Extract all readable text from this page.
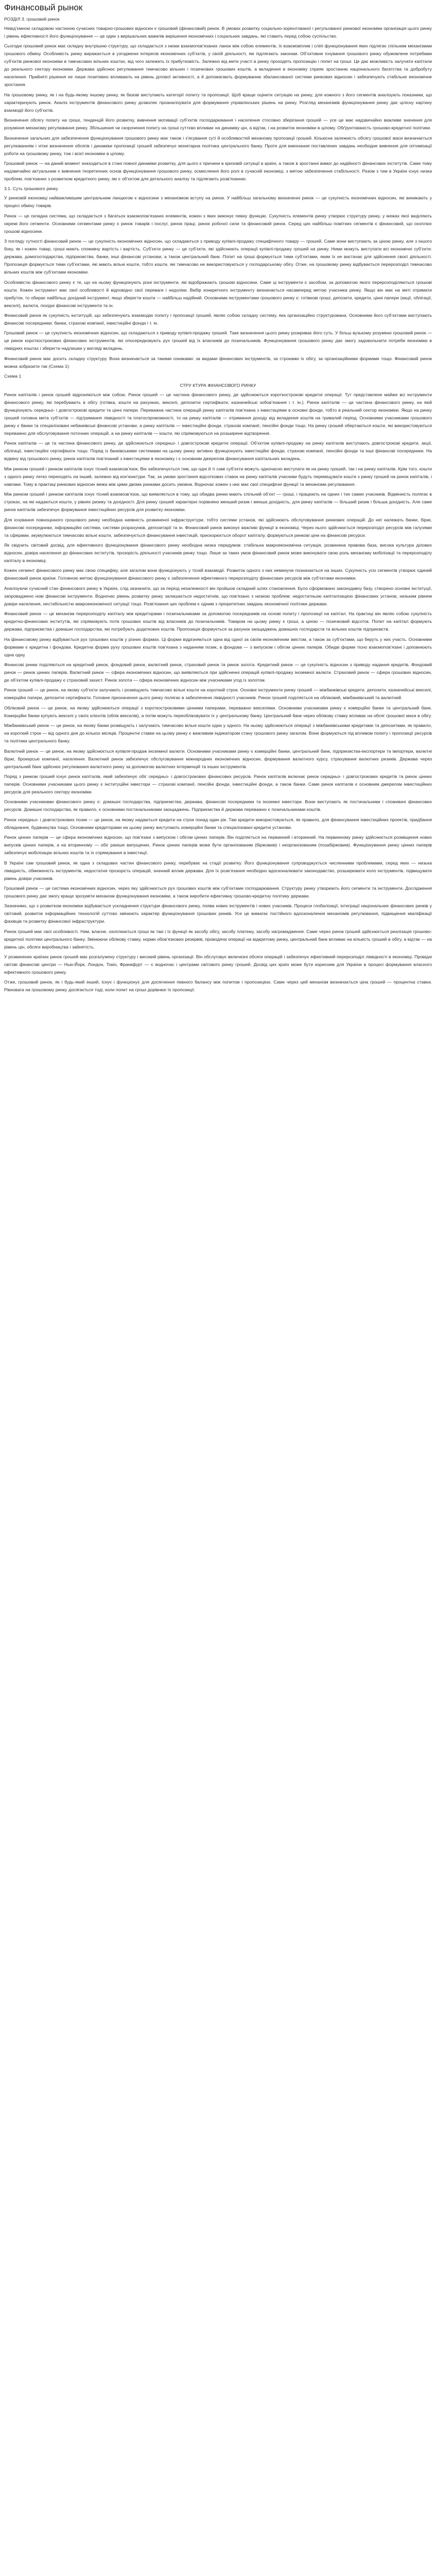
Финансовый рынок

РОЗДІЛ 3. грошовий ринок

Невід’ємною складовою частиною сучасних товарно-грошових відносин є грошовий (фінансовий) ринок. В умовах розвитку соціально-зорієнтованої і регульованої ринкової економіки організація цього ринку і рівень ефективності його функціонування — це один з вирішальних важелів вирішення економічних і соціальних завдань, які ставить перед собою суспільство.

Сьогодні грошовий ринок має складну внутрішню структуру, що складається з низки взаємопов’язаних ланок між собою елементів, їх взаємовплив і сліпі функціонування яких підлягає спільним механізмам грошового обміну. Особливість ринку виражається в узгодженні інтересів економічних суб’єктів, у своїй діяльності, які підлягають законам. Об’єктивне існування грошового ринку обумовлене потребами суб’єктів ринкової економіки в тимчасових вільних коштах, від чого залежить їх прибутковість. Залежно від мети участі в ринку проходять пропозицію і попит на гроші. Це дає можливість залучати капітали до реального сектору економіки. Держава здійснює регулювання тимчасово вільних і позичкових грошових коштів, а вкладення в економіку сприяє зростанню національного багатства та добробуту населення. Прийняті рішення не лише позитивно впливають на рівень ділової активності, а й допомагають формуванню збалансованої системи ринкових відносин і забезпечують стабільне економічне зростання.

На грошовому ринку, як і на будь-якому іншому ринку, як базові виступають категорії попиту та пропозиції. Щоб краще оцінити ситуацію на ринку, для кожного з його сегментів аналізують показники, що характеризують ринок. Аналіз інструментів фінансового ринку дозволяє проаналізувати для формування управлінських рішень на ринку. Розгляд механізмів функціонування ринку дає цілісну картину взаємодії його суб’єктів.

Визначення обсягу попиту на гроші, тенденцій його розвитку, вивчення мотивації суб’єктів господарювання і населення стосовно зберігання грошей — усе це має надзвичайно важливе значення для розуміння механізму регулювання ринку. Збільшення чи скорочення попиту на гроші суттєво впливає на динаміку цін, а відтак, і на розвиток економіки в цілому. Обґрунтованість грошово-кредитної політики.

Визначення загальних для забезпечення функціонування грошового ринку має також і з’ясування суті й особливостей механізму пропозиції грошей. Кількісна залежність обсягу грошової маси визначається регулюванням і чітке визначення обсягів і динаміки пропозиції грошей забезпечує монетарна політика центрального банку. Проте для виконання поставлених завдань необхідне вивчення для оптимізації роботи на грошовому ринку, тож і всієї економіки в цілому.

Грошовий ринок — на даний момент знаходиться в стані повної динаміки розвитку, для цього є причини в кризовій ситуації в країні, а також в зростанні вимог до надійності фінансових інститутів. Саме тому надзвичайно актуальним є вивчення теоретичних основ функціонування грошового ринку, осмислення його ролі в сучасній економіці, з метою забезпечення стабільності. Разом з тим в Україні існує низка проблем, пов’язаних з розвитком кредитного ринку, які є об’єктом для детального аналізу та підлягають розв’язанню.

3.1. Суть грошового ринку

У ринковій економіці найважливішим центральним ланцюгом є відносини з механізмом вступу на ринок. У найбільш загальному визначенні ринок — це сукупність економічних відносин, які виникають у процесі обміну товарів.

Ринок — це складна система, що складається з багатьох взаємопов’язаних елементів, кожен з яких виконує певну функцію. Сукупність елементів ринку утворює структуру ринку, у межах якої виділяють окремі його сегменти. Основними сегментами ринку є ринок товарів і послуг, ринок праці, ринок робочої сили та фінансовий ринок. Серед цих найбільш помітних сегментів є фінансовий, що охоплює грошові відносини.

З погляду сутності фінансовий ринок — це сукупність економічних відносин, що складаються з приводу купівлі-продажу специфічного товару — грошей. Саме вони виступають за ціною ринку, але з іншого боку, як і кожен товар, гроші мають споживчу вартість і вартість. Суб’єкти ринку — це суб’єкти, які здійснюють операції купівлі-продажу грошей на ринку. Ними можуть виступати всі економічні суб’єкти: держава, домогосподарства, підприємства, банки, інші фінансові установи, а також центральний банк. Попит на гроші формується тими суб’єктами, яким їх не вистачає для здійснення своєї діяльності. Пропозиція формується тими суб’єктами, які мають вільні кошти, тобто кошти, які тимчасово не використовуються у господарському обігу. Отже, на грошовому ринку відбувається перерозподіл тимчасово вільних коштів між суб’єктами економіки.

Особливістю фінансового ринку є те, що на ньому функціонують різні інструменти, які відображають грошові відносини. Саме ці інструменти є засобом, за допомогою якого перерозподіляються грошові кошти. Кожен інструмент має свої особливості й відповідно свої переваги і недоліки. Вибір конкретного інструменту визначається насамперед метою учасника ринку. Якщо він має на меті отримати прибуток, то обирає найбільш дохідний інструмент, якщо зберегти кошти — найбільш надійний. Основними інструментами грошового ринку є: готівкові гроші, депозити, кредити, цінні папери (акції, облігації, векселі), валюта, похідні фінансові інструменти та ін.

Фінансовий ринок як сукупність інституцій, що забезпечують взаємодію попиту і пропозиції грошей, являє собою складну систему, яка організаційно структурована. Основними його суб’єктами виступають фінансові посередники: банки, страхові компанії, інвестиційні фонди і т. ін.

Грошовий ринок — це сукупність економічних відносин, що складаються з приводу купівлі-продажу грошей. Таке визначення цього ринку розкриває його суть. У більш вузькому розумінні грошовий ринок — це ринок короткострокових фінансових інструментів, які опосередковують рух грошей від їх власників до позичальників. Функціонування грошового ринку дає змогу задовольнити потреби економіки в ліквідних коштах і зберегти надлишки у вигляді вкладень.

Фінансовий ринок має досить складну структуру. Вона визначається за такими ознаками: за видами фінансових інструментів, за строками їх обігу, за організаційними формами тощо. Фінансовий ринок можна зобразити так (Схема 1):

Схема 1

СТРУ КТУРА ФІНАНСОВОГО РИНКУ

Ринок капіталів і ринок грошей відрізняються між собою. Ринок грошей — це частина фінансового ринку, де здійснюються короткострокові кредитні операції. Тут представлене майже всі інструменти фінансового ринку, які перебувають в обігу (готівка, кошти на рахунках, векселі, депозитні сертифікати, казначейські зобов’язання і т. ін.). Ринок капіталів — це частина фінансового ринку, на якій функціонують середньо- і довгострокові кредити та цінні папери. Переважна частина операцій ринку капіталів пов’язана з інвестиціями в основні фонди, тобто в реальний сектор економіки. Якщо на ринку грошей головна мета суб’єктів — підтримання ліквідності та платоспроможності, то на ринку капіталів — отримання доходу від вкладення коштів на тривалий період. Основними учасниками грошового ринку є банки та спеціалізовані небанківські фінансові установи, а ринку капіталів — інвестиційні фонди, страхові компанії, пенсійні фонди тощо. На ринку грошей обертаються кошти, які використовуються переважно для обслуговування поточних операцій, а на ринку капіталів — кошти, які спрямовуються на розширене відтворення.

Ринок капіталів — це та частина фінансового ринку, де здійснюються середньо- і довгострокові кредитні операції. Об’єктом купівлі-продажу на ринку капіталів виступають довгострокові кредити, акції, облігації, інвестиційні сертифікати тощо. Поряд із банківськими системами на цьому ринку активно функціонують інвестиційні фонди, страхові компанії, пенсійні фонди та інші фінансові посередники. На відміну від грошового ринку, ринок капіталів пов’язаний з інвестиціями в економіку і є основним джерелом фінансування капітальних вкладень.

Між ринком грошей і ринком капіталів існує тісний взаємозв’язок. Він забезпечується тим, що одні й ті самі суб’єкти можуть одночасно виступати як на ринку грошей, так і на ринку капіталів. Крім того, кошти з одного ринку легко переходять на інший, залежно від кон’юнктури. Так, за умови зростання відсоткових ставок на ринку капіталів учасники будуть переміщувати кошти з ринку грошей на ринок капіталів, і навпаки. Тому в практиці ринкових відносин межа між цими двома ринками досить умовна. Водночас кожен з них має свої специфічні функції та механізми регулювання.

Між ринком грошей і ринком капіталів існує тісний взаємозв’язок, що виявляється в тому, що обидва ринки мають спільний об’єкт — гроші, і працюють на одних і тих самих учасників. Відмінність полягає в строках, на які надаються кошти, у рівнях ризику та дохідності. Для ринку грошей характерні порівняно менший ризик і менша дохідність, для ринку капіталів — більший ризик і більша дохідність. Але саме ринок капіталів забезпечує формування інвестиційних ресурсів для розвитку економіки.

Для існування повноцінного грошового ринку необхідна наявність розвиненої інфраструктури, тобто системи установ, які здійснюють обслуговування ринкових операцій. До неї належать банки, біржі, фінансові посередники, інформаційні системи, системи розрахунків, депозитарії та ін. Фінансовий ринок виконує важливі функції в економіці. Через нього здійснюється перерозподіл ресурсів між галузями та сферами, акумулюються тимчасово вільні кошти, забезпечується фінансування інвестицій, прискорюється оборот капіталу, формуються ринкові ціни на фінансові ресурси.

Як свідчить світовий досвід, для ефективного функціонування фінансового ринку необхідна низка передумов: стабільна макроекономічна ситуація, розвинена правова база, висока культура ділових відносин, довіра населення до фінансових інститутів, прозорість діяльності учасників ринку тощо. Лише за таких умов фінансовий ринок може виконувати свою роль механізму мобілізації та перерозподілу капіталу в економіці.

Кожен сегмент фінансового ринку має свою специфіку, але загалом вони функціонують у тісній взаємодії. Розвиток одного з них неминуче позначається на інших. Сукупність усіх сегментів утворює єдиний фінансовий ринок країни. Головною метою функціонування фінансового ринку є забезпечення ефективного перерозподілу фінансових ресурсів між суб’єктами економіки.

Аналізуючи сучасний стан фінансового ринку в Україні, слід зазначити, що за період незалежності він пройшов складний шлях становлення. Було сформовано законодавчу базу, створено основні інституції, запроваджено нові фінансові інструменти. Водночас рівень розвитку ринку залишається недостатнім, що пов’язано з низкою проблем: недостатньою капіталізацією фінансових установ, низьким рівнем довіри населення, нестабільністю макроекономічної ситуації тощо. Розв’язання цих проблем є одним з пріоритетних завдань економічної політики держави.

Фінансовий ринок — це механізм перерозподілу капіталу між кредиторами і позичальниками за допомогою посередників на основі попиту і пропозиції на капітал. На практиці він являє собою сукупність кредитно-фінансових інститутів, які спрямовують потік грошових коштів від власників до позичальників. Товаром на цьому ринку є гроші, а ціною — позичковий відсоток. Попит на капітал формують держава, підприємства і домашні господарства, які потребують додаткових коштів. Пропозиція формується за рахунок заощаджень домашніх господарств та вільних коштів підприємств.

На фінансовому ринку відбувається рух грошових коштів у різних формах. Ці форми відрізняються одна від одної за своїм економічним змістом, а також за суб’єктами, що беруть у них участь. Основними формами є кредитна і фондова. Кредитна форма руху грошових коштів пов’язана з наданням позик, а фондова — з випуском і обігом цінних паперів. Обидві форми тісно взаємопов’язані і доповнюють одна одну.

Фінансові ринки поділяються на кредитний ринок, фондовий ринок, валютний ринок, страховий ринок та ринок золота. Кредитний ринок — це сукупність відносин з приводу надання кредитів. Фондовий ринок — ринок цінних паперів. Валютний ринок — сфера економічних відносин, що виявляються при здійсненні операцій купівлі-продажу іноземної валюти. Страховий ринок — сфера грошових відносин, де об’єктом купівлі-продажу є страховий захист. Ринок золота — сфера економічних відносин між учасниками угод із золотом.

Ринок грошей — це ринок, на якому суб’єкти залучають і розміщують тимчасово вільні кошти на короткий строк. Основні інструменти ринку грошей — міжбанківські кредити, депозити, казначейські векселі, комерційні папери, депозитні сертифікати. Головне призначення цього ринку полягає в забезпеченні ліквідності учасників. Ринок грошей поділяється на обліковий, міжбанківський та валютний.

Обліковий ринок — це ринок, на якому здійснюються операції з короткостроковими цінними паперами, переважно векселями. Основними учасниками ринку є комерційні банки та центральний банк. Комерційні банки купують векселі у своїх клієнтів (облік векселів), а потім можуть переобліковувати їх у центральному банку. Центральний банк через облікову ставку впливає на обсяг грошової маси в обігу.

Міжбанківський ринок — це ринок, на якому банки розміщують і залучають тимчасово вільні кошти один у одного. На ньому здійснюються операції з міжбанківськими кредитами та депозитами, як правило, на короткий строк — від одного дня до кількох місяців. Процентні ставки на цьому ринку є важливим індикатором стану грошового ринку загалом. Вони формуються під впливом попиту і пропозиції ресурсів та політики центрального банку.

Валютний ринок — це ринок, на якому здійснюється купівля-продаж іноземної валюти. Основними учасниками ринку є комерційні банки, центральний банк, підприємства-експортери та імпортери, валютні біржі, брокерські компанії, населення. Валютний ринок забезпечує обслуговування міжнародних економічних відносин, формування валютного курсу, страхування валютних ризиків. Держава через центральний банк здійснює регулювання валютного ринку за допомогою валютних інтервенцій та інших інструментів.

Поряд з ринком грошей існує ринок капіталів, який забезпечує обіг середньо- і довгострокових фінансових ресурсів. Ринок капіталів включає ринок середньо- і довгострокових кредитів та ринок цінних паперів. Основними учасниками цього ринку є інституційні інвестори — страхові компанії, пенсійні фонди, інвестиційні фонди, а також банки. Саме ринок капіталів є основним джерелом інвестиційних ресурсів для реального сектору економіки.

Основними учасниками фінансового ринку є: домашні господарства, підприємства, держава, фінансові посередники та іноземні інвестори. Вони виступають як постачальники і споживачі фінансових ресурсів. Домашні господарства, як правило, є основними постачальниками заощаджень. Підприємства й держава переважно є позичальниками коштів.

Ринок середньо- і довгострокових позик — це ринок, на якому надаються кредити на строк понад один рік. Такі кредити використовуються, як правило, для фінансування інвестиційних проектів, придбання обладнання, будівництва тощо. Основними кредиторами на цьому ринку виступають комерційні банки та спеціалізовані кредитні установи.

Ринок цінних паперів — це сфера економічних відносин, що пов’язані з випуском і обігом цінних паперів. Він поділяється на первинний і вторинний. На первинному ринку здійснюється розміщення нових випусків цінних паперів, а на вторинному — обіг раніше випущених. Ринок цінних паперів може бути організованим (біржовим) і неорганізованим (позабіржовим). Функціонування ринку цінних паперів забезпечує мобілізацію вільних коштів та їх спрямування в інвестиції.

В Україні сам грошовий ринок, як одна з складових частин фінансового ринку, перебуває на стадії розвитку. Його функціонування супроводжується численними проблемами, серед яких — низька ліквідність, обмеженість інструментів, недостатня прозорість операцій, значний вплив держави. Для їх розв’язання необхідно вдосконалювати законодавство, розширювати коло інструментів, підвищувати рівень довіри учасників.

Грошовий ринок — це система економічних відносин, через яку здійснюється рух грошових коштів між суб’єктами господарювання. Структуру ринку утворюють його сегменти та інструменти. Дослідження грошового ринку дає змогу краще зрозуміти механізм функціонування економіки, а також виробити ефективну грошово-кредитну політику держави.

Зазначимо, що з розвитком економіки відбувається ускладнення структури фінансового ринку, поява нових інструментів і нових учасників. Процеси глобалізації, інтеграції національних фінансових ринків у світовий, розвиток інформаційних технологій суттєво змінюють характер функціонування грошових ринків. Усе це вимагає постійного вдосконалення механізмів регулювання, підвищення кваліфікації фахівців та розвитку фінансової інфраструктури.

Ринок грошей має свої особливості. Ним, власне, охоплюються гроші як такі і їх функції як засобу обігу, засобу платежу, засобу нагромадження. Саме через ринок грошей здійснюється реалізація грошово-кредитної політики центрального банку. Змінюючи облікову ставку, норми обов’язкових резервів, проводячи операції на відкритому ринку, центральний банк впливає на кількість грошей в обігу, а відтак — на рівень цін, обсяги виробництва і зайнятість.

У розвинених країнах ринок грошей має розгалужену структуру і високий рівень організації. Він обслуговує величезні обсяги операцій і забезпечує ефективний перерозподіл ліквідності в економіці. Провідні світові фінансові центри — Нью-Йорк, Лондон, Токіо, Франкфурт — є водночас і центрами світового ринку грошей. Досвід цих країн може бути корисним для України в процесі формування власного ефективного грошового ринку.

Отже, грошовий ринок, як і будь-який інший, існує і функціонує для досягнення певного балансу між попитом і пропозицією. Саме через цей механізм визначається ціна грошей — процентна ставка. Рівновага на грошовому ринку досягається тоді, коли попит на гроші дорівнює їх пропозиції.
